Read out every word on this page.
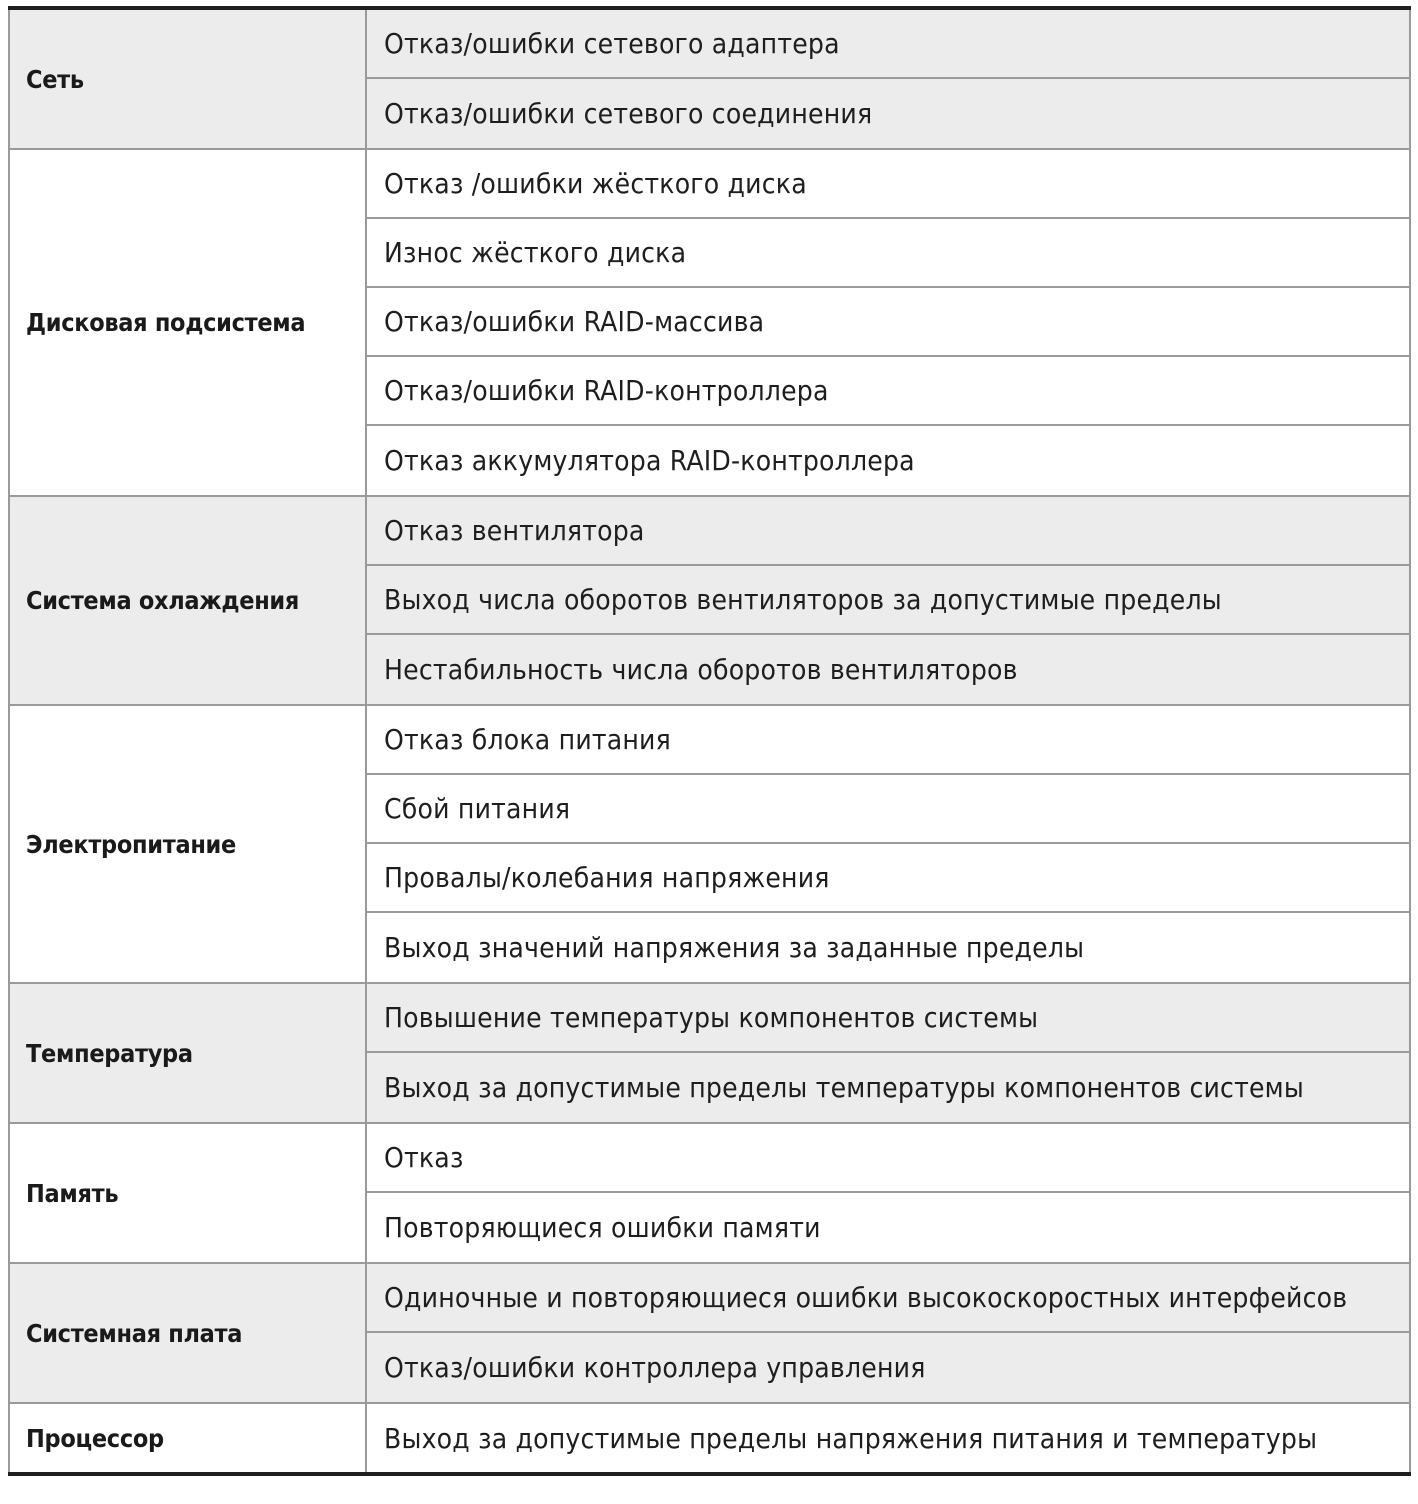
Сеть
Отказ/ошибки сетевого адаптера
Отказ/ошибки сетевого соединения
Дисковая подсистема
Отказ /ошибки жёсткого диска
Износ жёсткого диска
Отказ/ошибки RAID-массива
Отказ/ошибки RAID-контроллера
Отказ аккумулятора RAID-контроллера
Система охлаждения
Отказ вентилятора
Выход числа оборотов вентиляторов за допустимые пределы
Нестабильность числа оборотов вентиляторов
Электропитание
Отказ блока питания
Сбой питания
Провалы/колебания напряжения
Выход значений напряжения за заданные пределы
Температура
Повышение температуры компонентов системы
Выход за допустимые пределы температуры компонентов системы
Память
Отказ
Повторяющиеся ошибки памяти
Системная плата
Одиночные и повторяющиеся ошибки высокоскоростных интерфейсов
Отказ/ошибки контроллера управления
Процессор	Выход за допустимые пределы напряжения питания и температуры
